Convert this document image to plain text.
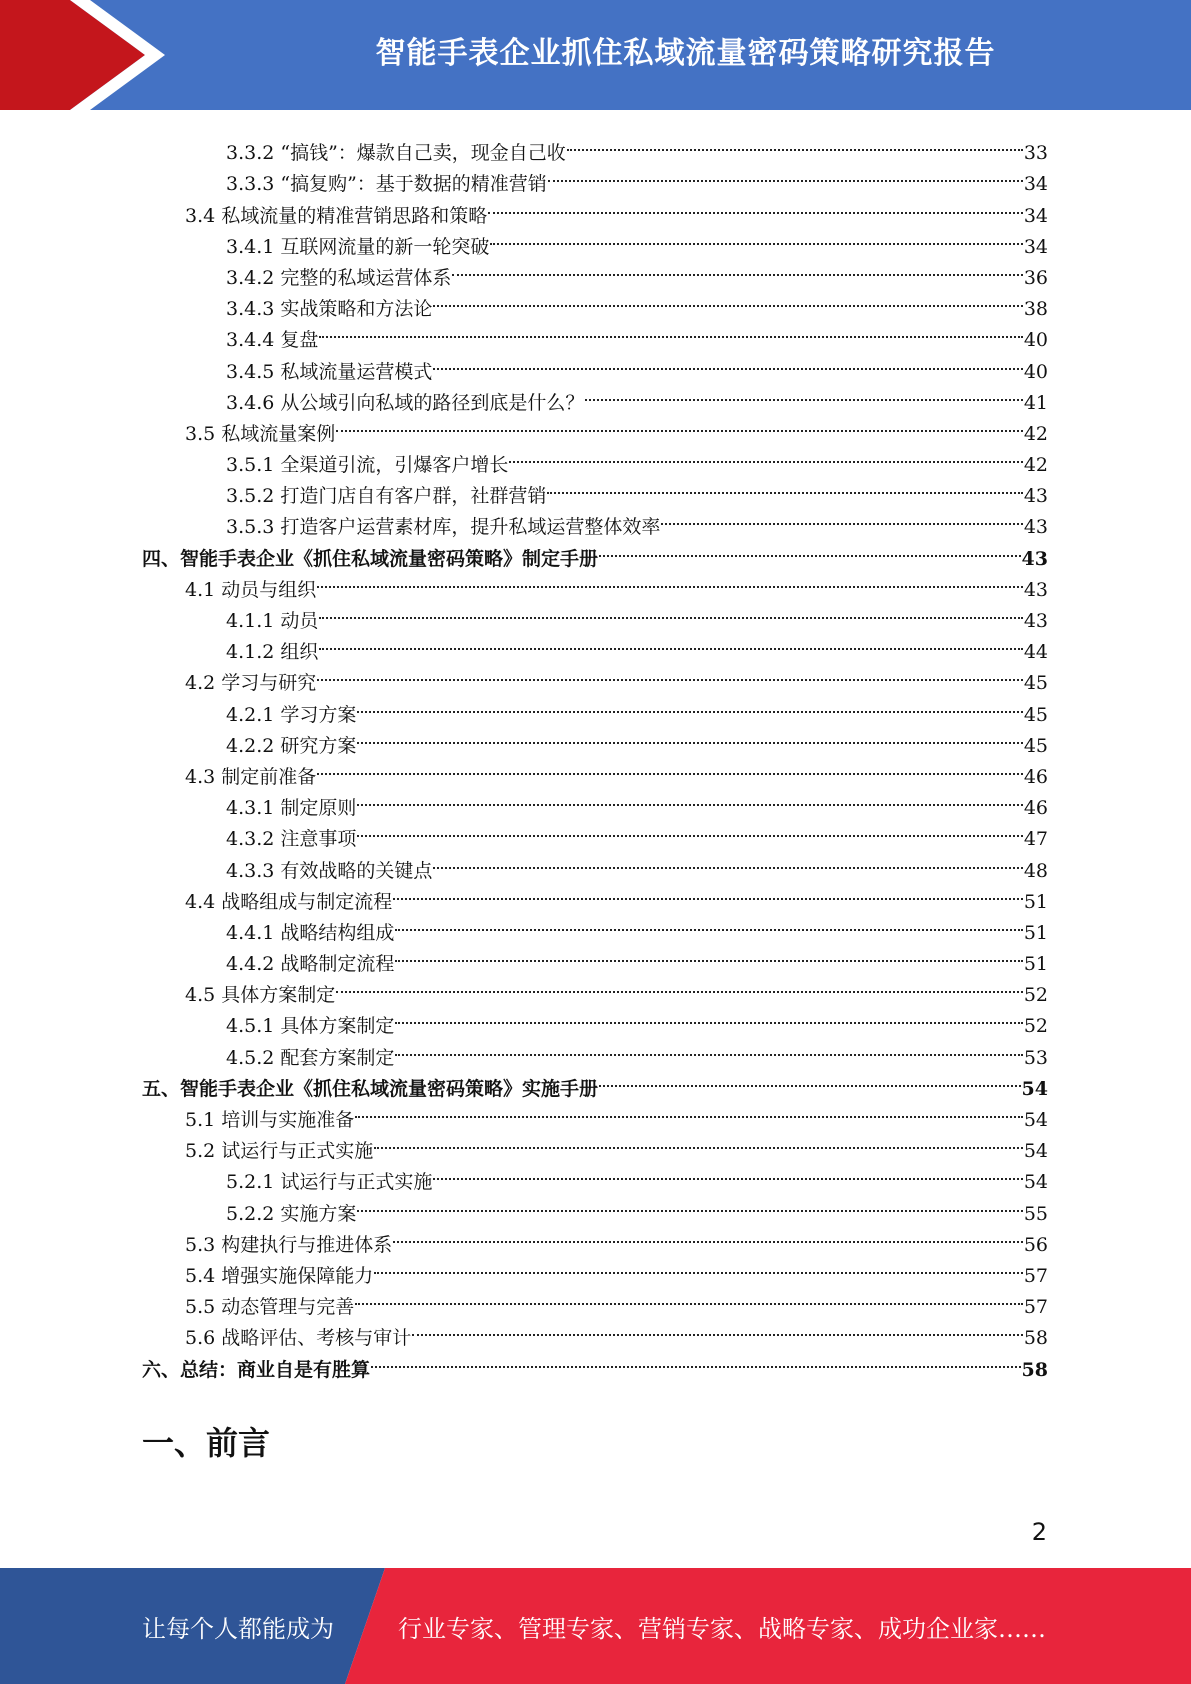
智能手表企业抓住私域流量密码策略研究报告
3.3.2 “搞钱”：爆款自己卖，现金自己收	33
3.3.3 “搞复购”：基于数据的精准营销	34
3.4 私域流量的精准营销思路和策略	34
3.4.1 互联网流量的新一轮突破	34
3.4.2 完整的私域运营体系	36
3.4.3 实战策略和方法论	38
3.4.4 复盘	40
3.4.5 私域流量运营模式	40
3.4.6 从公域引向私域的路径到底是什么？	41
3.5 私域流量案例	42
3.5.1 全渠道引流，引爆客户增长	42
3.5.2 打造门店自有客户群，社群营销	43
3.5.3 打造客户运营素材库，提升私域运营整体效率	43
四、智能手表企业《抓住私域流量密码策略》制定手册	43
4.1 动员与组织	43
4.1.1 动员	43
4.1.2 组织	44
4.2 学习与研究	45
4.2.1 学习方案	45
4.2.2 研究方案	45
4.3 制定前准备	46
4.3.1 制定原则	46
4.3.2 注意事项	47
4.3.3 有效战略的关键点	48
4.4 战略组成与制定流程	51
4.4.1 战略结构组成	51
4.4.2 战略制定流程	51
4.5 具体方案制定	52
4.5.1 具体方案制定	52
4.5.2 配套方案制定	53
五、智能手表企业《抓住私域流量密码策略》实施手册	54
5.1 培训与实施准备	54
5.2 试运行与正式实施	54
5.2.1 试运行与正式实施	54
5.2.2 实施方案	55
5.3 构建执行与推进体系	56
5.4 增强实施保障能力	57
5.5 动态管理与完善	57
5.6 战略评估、考核与审计	58
六、总结：商业自是有胜算	58
一、前言
2
让每个人都能成为	行业专家、管理专家、营销专家、战略专家、成功企业家……
